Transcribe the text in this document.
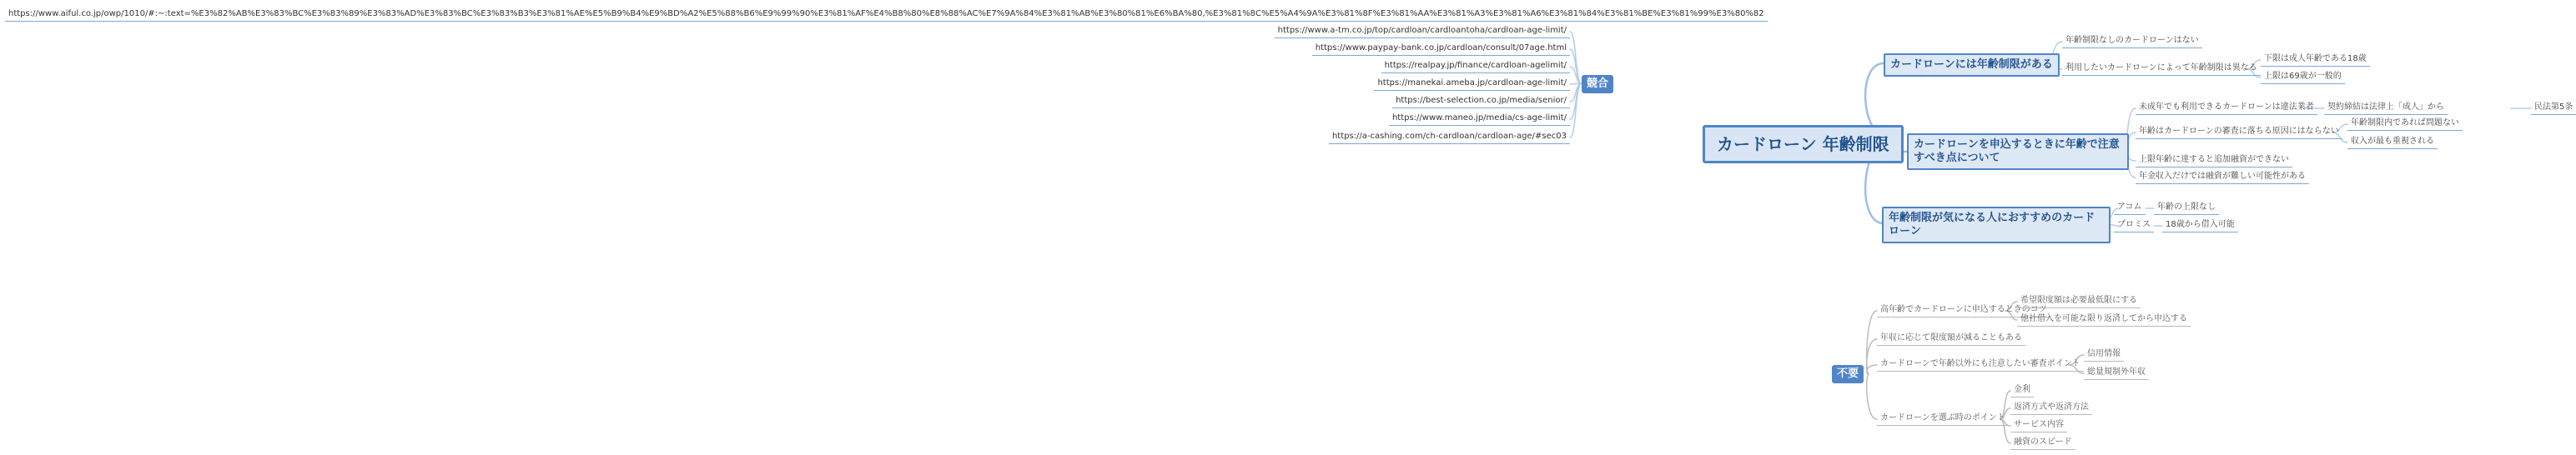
カードローン 年齢制限
カードローンには年齢制限がある
年齢制限なしのカードローンはない
利用したいカードローンによって年齢制限は異なる
下限は成人年齢である18歳
上限は69歳が一般的
カードローンを申込するときに年齢で注意すべき点について
未成年でも利用できるカードローンは違法業者	契約締結は法律上「成人」から	民法第5条
年齢はカードローンの審査に落ちる原因にはならない
年齢制限内であれば問題ない
収入が最も重視される
上限年齢に達すると追加融資ができない
年金収入だけでは融資が難しい可能性がある
年齢制限が気になる人におすすめのカードローン
アコム	年齢の上限なし
プロミス	18歳から借入可能
不要
高年齢でカードローンに申込するときのコツ
希望限度額は必要最低限にする
他社借入を可能な限り返済してから申込する
年収に応じて限度額が減ることもある
カードローンで年齢以外にも注意したい審査ポイント
信用情報
総量規制外年収
カードローンを選ぶ時のポイント
金利
返済方式や返済方法
サービス内容
融資のスピード
https://www.aiful.co.jp/owp/1010/#:~:text=%E3%82%AB%E3%83%BC%E3%83%89%E3%83%AD%E3%83%BC%E3%83%B3%E3%81%AE%E5%B9%B4%E9%BD%A2%E5%88%B6%E9%99%90%E3%81%AF%E4%B8%80%E8%88%AC%E7%9A%84%E3%81%AB%E3%80%81%E6%BA%80,%E3%81%8C%E5%A4%9A%E3%81%8F%E3%81%AA%E3%81%A3%E3%81%A6%E3%81%84%E3%81%BE%E3%81%99%E3%80%82
競合
https://www.a-tm.co.jp/top/cardloan/cardloantoha/cardloan-age-limit/
https://www.paypay-bank.co.jp/cardloan/consult/07age.html
https://realpay.jp/finance/cardloan-agelimit/
https://manekai.ameba.jp/cardloan-age-limit/
https://best-selection.co.jp/media/senior/
https://www.maneo.jp/media/cs-age-limit/
https://a-cashing.com/ch-cardloan/cardloan-age/#sec03
